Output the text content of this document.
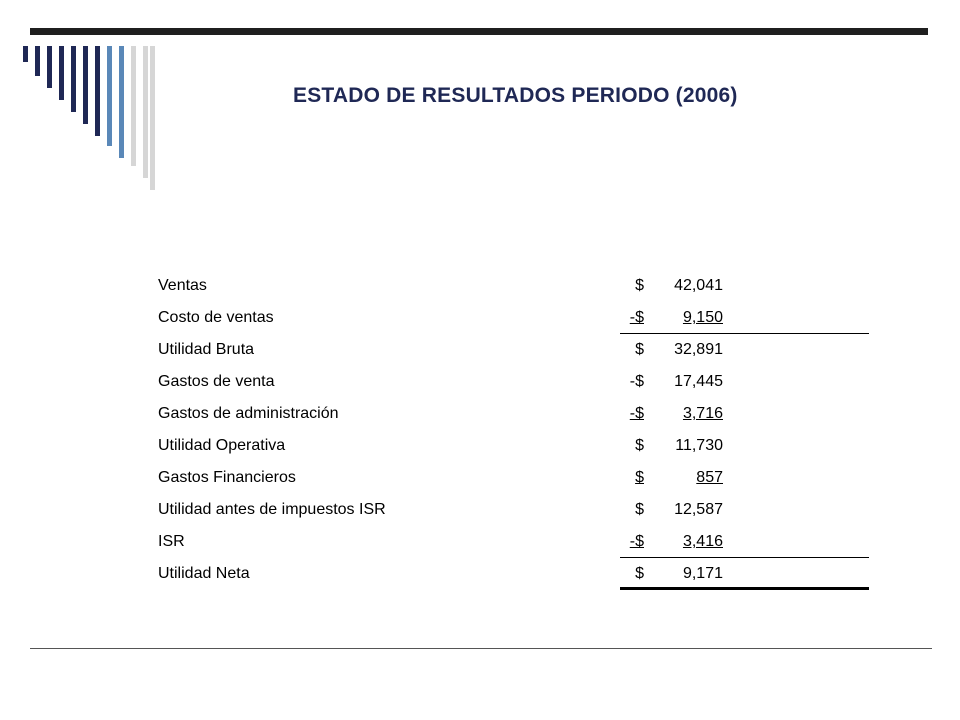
ESTADO DE RESULTADOS PERIODO (2006)
Ventas	$	42,041
Costo de ventas	-$	9,150
Utilidad Bruta	$	32,891
Gastos de venta	-$	17,445
Gastos de administración	-$	3,716
Utilidad Operativa	$	11,730
Gastos Financieros	$	857
Utilidad antes de impuestos ISR	$	12,587
ISR	-$	3,416
Utilidad Neta	$	9,171
